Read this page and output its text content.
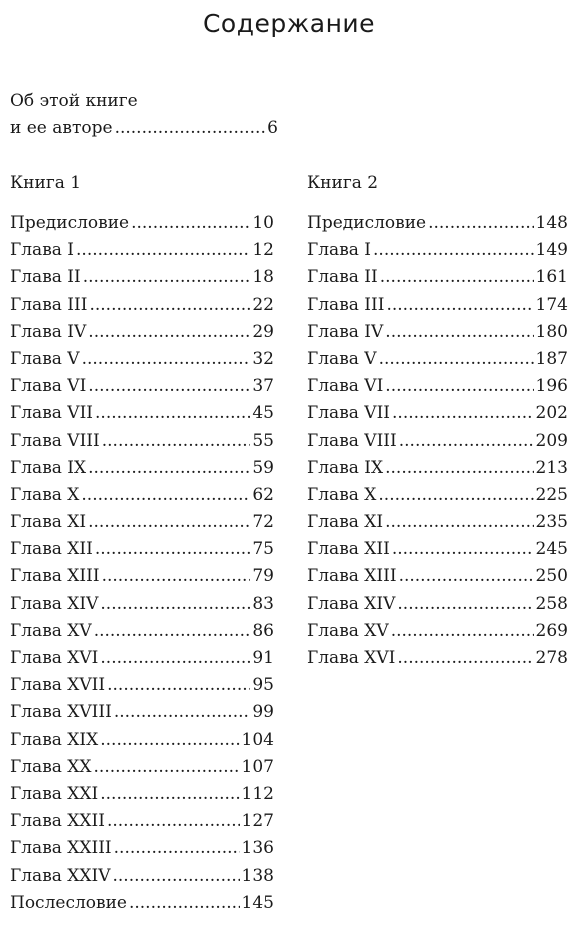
Содержание
Об этой книге
и ее авторе .....	6
Книга 1
Предисловие .....	10
Глава I .....	12
Глава II .....	18
Глава III .....	22
Глава IV .....	29
Глава V .....	32
Глава VI .....	37
Глава VII .....	45
Глава VIII .....	55
Глава IX .....	59
Глава X .....	62
Глава XI .....	72
Глава XII .....	75
Глава XIII .....	79
Глава XIV .....	83
Глава XV .....	86
Глава XVI .....	91
Глава XVII .....	95
Глава XVIII .....	99
Глава XIX .....	104
Глава XX .....	107
Глава XXI .....	112
Глава XXII .....	127
Глава XXIII .....	136
Глава XXIV .....	138
Послесловие .....	145
Книга 2
Предисловие .....	148
Глава I .....	149
Глава II .....	161
Глава III .....	174
Глава IV .....	180
Глава V .....	187
Глава VI .....	196
Глава VII .....	202
Глава VIII .....	209
Глава IX .....	213
Глава X .....	225
Глава XI .....	235
Глава XII .....	245
Глава XIII .....	250
Глава XIV .....	258
Глава XV .....	269
Глава XVI .....	278
